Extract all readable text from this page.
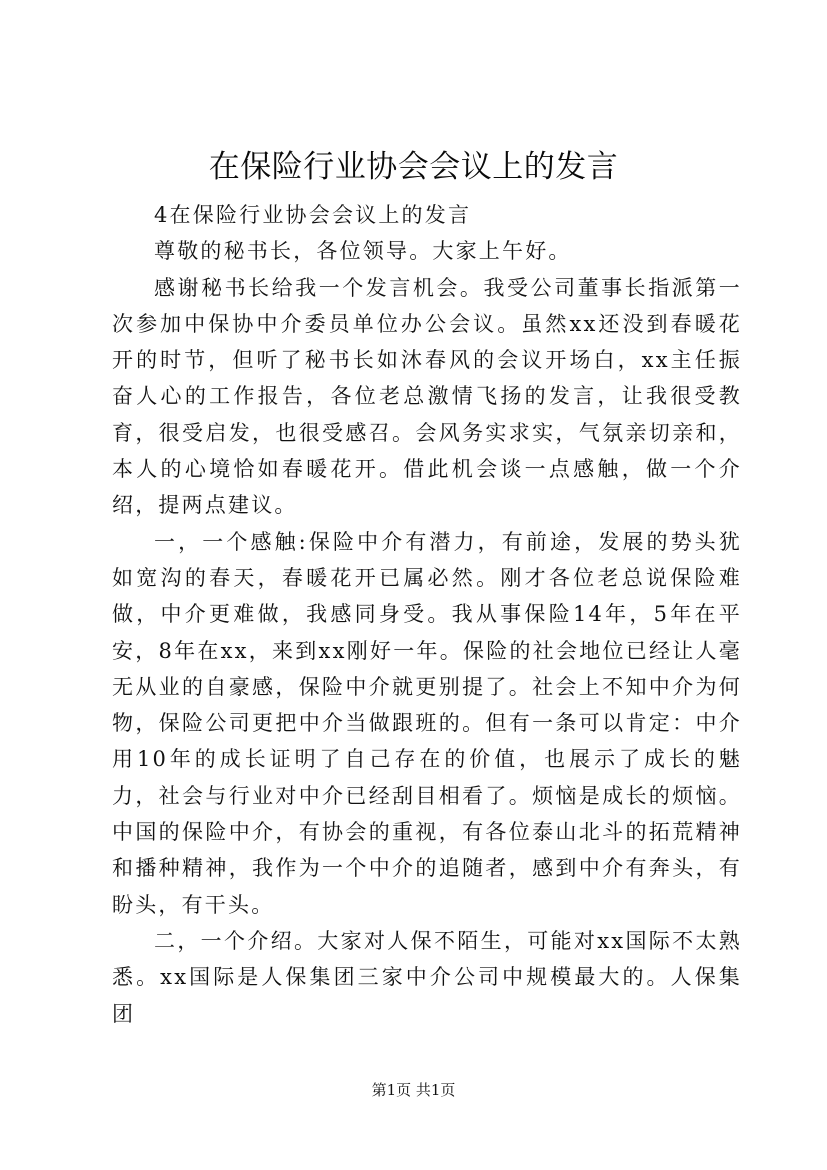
在保险行业协会会议上的发言

4在保险行业协会会议上的发言

尊敬的秘书长，各位领导。大家上午好。

感谢秘书长给我一个发言机会。我受公司董事长指派第一次参加中保协中介委员单位办公会议。虽然xx还没到春暖花开的时节，但听了秘书长如沐春风的会议开场白，xx主任振奋人心的工作报告，各位老总激情飞扬的发言，让我很受教育，很受启发，也很受感召。会风务实求实，气氛亲切亲和，本人的心境恰如春暖花开。借此机会谈一点感触，做一个介绍，提两点建议。

一，一个感触:保险中介有潜力，有前途，发展的势头犹如宽沟的春天，春暖花开已属必然。刚才各位老总说保险难做，中介更难做，我感同身受。我从事保险14年，5年在平安，8年在xx，来到xx刚好一年。保险的社会地位已经让人毫无从业的自豪感，保险中介就更别提了。社会上不知中介为何物，保险公司更把中介当做跟班的。但有一条可以肯定：中介用10年的成长证明了自己存在的价值，也展示了成长的魅力，社会与行业对中介已经刮目相看了。烦恼是成长的烦恼。中国的保险中介，有协会的重视，有各位泰山北斗的拓荒精神和播种精神，我作为一个中介的追随者，感到中介有奔头，有盼头，有干头。

二，一个介绍。大家对人保不陌生，可能对xx国际不太熟悉。xx国际是人保集团三家中介公司中规模最大的。人保集团

第1页 共1页
